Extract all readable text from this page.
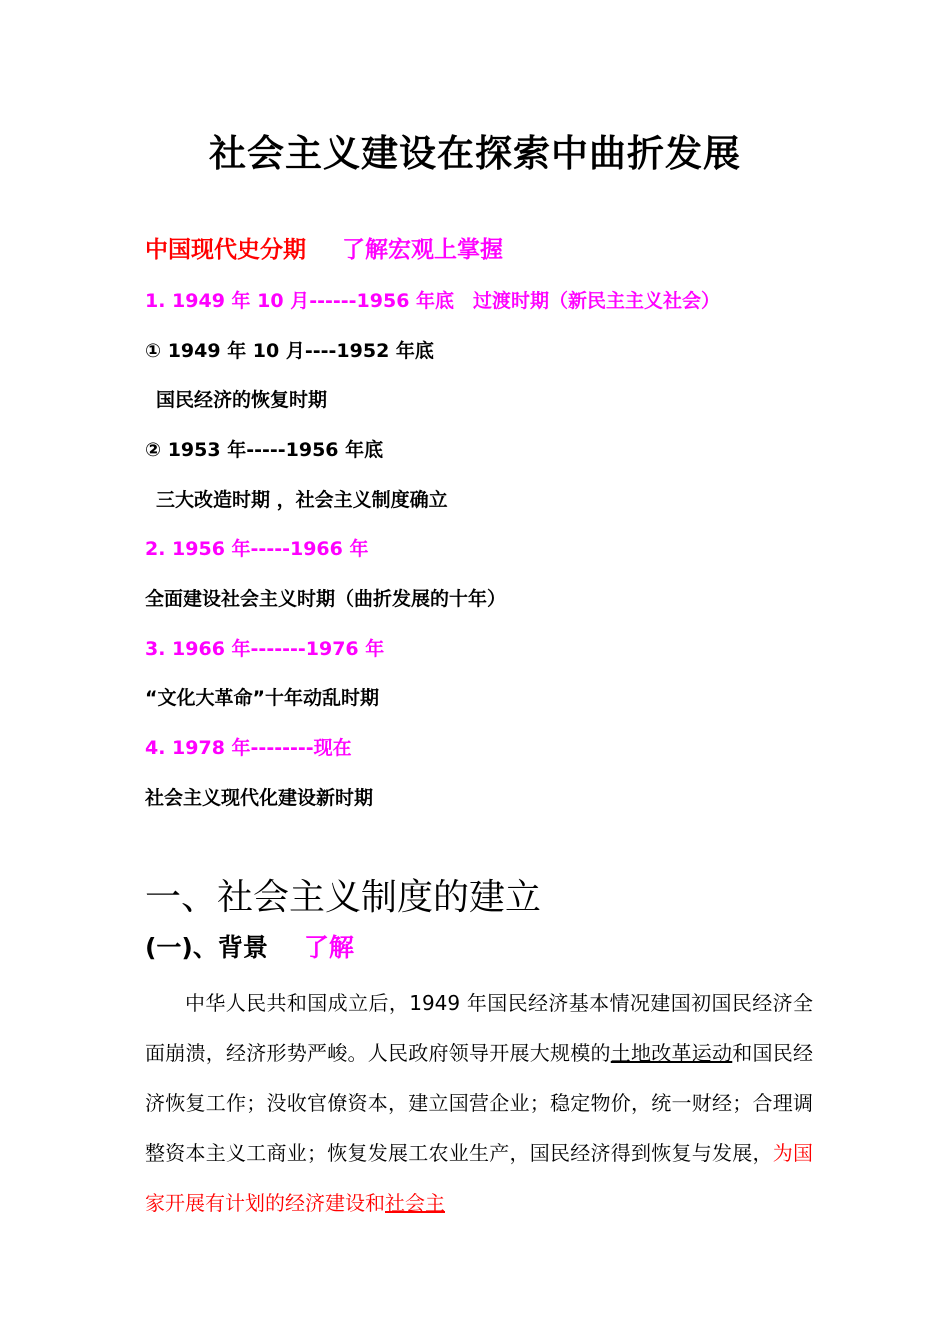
社会主义建设在探索中曲折发展
中国现代史分期 了解宏观上掌握
1. 1949 年 10 月------1956 年底　过渡时期（新民主主义社会）
① 1949 年 10 月----1952 年底
国民经济的恢复时期
② 1953 年-----1956 年底
三大改造时期 ，社会主义制度确立
2. 1956 年-----1966 年
全面建设社会主义时期（曲折发展的十年）
3. 1966 年-------1976 年
“文化大革命”十年动乱时期
4. 1978 年--------现在
社会主义现代化建设新时期
一、社会主义制度的建立
(一)、背景 了解
中华人民共和国成立后，1949 年国民经济基本情况建国初国民经济全面崩溃，经济形势严峻。人民政府领导开展大规模的土地改革运动和国民经济恢复工作；没收官僚资本，建立国营企业；稳定物价，统一财经；合理调整资本主义工商业；恢复发展工农业生产，国民经济得到恢复与发展，为国家开展有计划的经济建设和社会主
